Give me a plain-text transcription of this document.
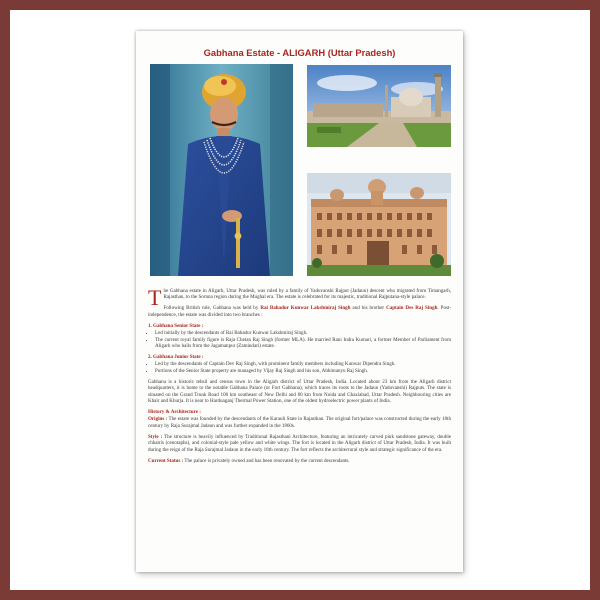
Gabhana Estate - ALIGARH (Uttar Pradesh)
The Gabhana estate in Aligarh, Uttar Pradesh, was ruled by a family of Yaduvanshi Rajput (Jadaun) descent who migrated from Timangarh, Rajasthan, to the Sornna region during the Mughal era. The estate is celebrated for its majestic, traditional Rajputana-style palace.
Following British rule, Gabhana was held by Rai Bahadur Kunwar Lakshmiraj Singh and his brother Captain Des Raj Singh. Post-independence, the estate was divided into two branches :
1. Gabhana Senior State :
• Led initially by the descendants of Rai Bahadur Kunwar Lakshmiraj Singh.
• The current royal family figure is Raja Chetan Raj Singh (former MLA). He married Rani Indra Kumari, a former Member of Parliament from Aligarh who hails from the Jagamanpur (Zamindari) estate.
2. Gabhana Junior State :
• Led by the descendants of Captain Dev Raj Singh, with prominent family members including Kunwar Dipendra Singh.
• Portions of the Senior State property are managed by Vijay Raj Singh and his son, Abhimanyu Raj Singh.
Gabhana is a historic tehsil and census town in the Aligarh district of Uttar Pradesh, India. Located about 23 km from the Aligarh district headquarters, it is home to the notable Gabhana Palace (or Fort Gabhana), which traces its roots to the Jadaun (Yaduvanshi) Rajputs. The state is situated on the Grand Trunk Road 100 km southeast of New Delhi and 80 km from Noida and Ghaziabad, Uttar Pradesh. Neighbouring cities are Khair and Khurja. It is near to Harduaganj Thermal Power Station, one of the oldest hydroelectric power plants of India.
History & Architecture :
Origins : The estate was founded by the descendants of the Karauli State in Rajasthan. The original fort/palace was constructed during the early 18th century by Raja Surajmal Jadaun and was further expanded in the 1860s.
Style : The structure is heavily influenced by Traditional Rajasthani Architecture, featuring an intricately carved pink sandstone gateway, double chhatris (cenotaphs), and colonial-style pale yellow and white wings. The fort is located in the Aligarh district of Uttar Pradesh, India. It was built during the reign of the Raja Surajmal Jadaun in the early 18th century. The fort reflects the architectural style and strategic significance of the era.
Current Status : The palace is privately owned and has been renovated by the current descendants.
